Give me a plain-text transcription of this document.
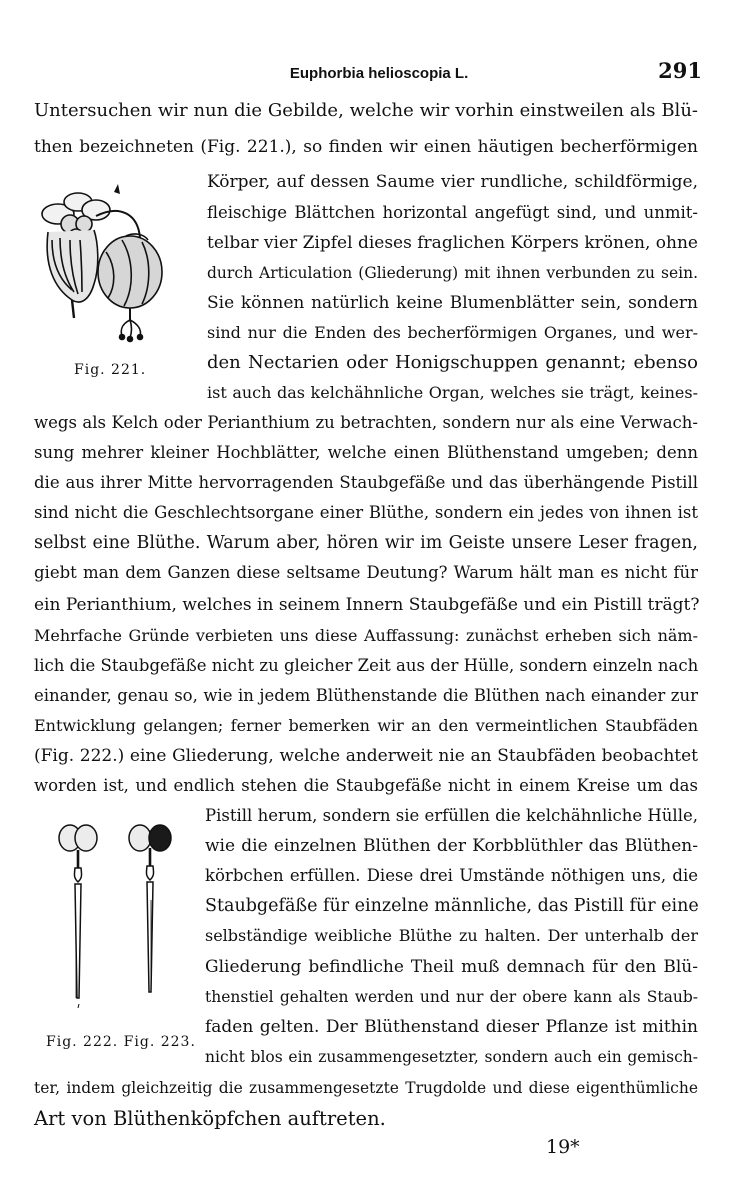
Euphorbia helioscopia L.	291
Untersuchen wir nun die Gebilde, welche wir vorhin einstweilen als Blü-
then bezeichneten (Fig. 221.), so finden wir einen häutigen becherförmigen
Körper, auf dessen Saume vier rundliche, schildförmige,
fleischige Blättchen horizontal angefügt sind, und unmit-
telbar vier Zipfel dieses fraglichen Körpers krönen, ohne
durch Articulation (Gliederung) mit ihnen verbunden zu sein.
Sie können natürlich keine Blumenblätter sein, sondern
sind nur die Enden des becherförmigen Organes, und wer-
den Nectarien oder Honigschuppen genannt; ebenso
ist auch das kelchähnliche Organ, welches sie trägt, keines-
wegs als Kelch oder Perianthium zu betrachten, sondern nur als eine Verwach-
sung mehrer kleiner Hochblätter, welche einen Blüthenstand umgeben; denn
die aus ihrer Mitte hervorragenden Staubgefäße und das überhängende Pistill
sind nicht die Geschlechtsorgane einer Blüthe, sondern ein jedes von ihnen ist
selbst eine Blüthe. Warum aber, hören wir im Geiste unsere Leser fragen,
giebt man dem Ganzen diese seltsame Deutung? Warum hält man es nicht für
ein Perianthium, welches in seinem Innern Staubgefäße und ein Pistill trägt?
Mehrfache Gründe verbieten uns diese Auffassung: zunächst erheben sich näm-
lich die Staubgefäße nicht zu gleicher Zeit aus der Hülle, sondern einzeln nach
einander, genau so, wie in jedem Blüthenstande die Blüthen nach einander zur
Entwicklung gelangen; ferner bemerken wir an den vermeintlichen Staubfäden
(Fig. 222.) eine Gliederung, welche anderweit nie an Staubfäden beobachtet
worden ist, und endlich stehen die Staubgefäße nicht in einem Kreise um das
Pistill herum, sondern sie erfüllen die kelchähnliche Hülle,
wie die einzelnen Blüthen der Korbblüthler das Blüthen-
körbchen erfüllen. Diese drei Umstände nöthigen uns, die
Staubgefäße für einzelne männliche, das Pistill für eine
selbständige weibliche Blüthe zu halten. Der unterhalb der
Gliederung befindliche Theil muß demnach für den Blü-
thenstiel gehalten werden und nur der obere kann als Staub-
faden gelten. Der Blüthenstand dieser Pflanze ist mithin
nicht blos ein zusammengesetzter, sondern auch ein gemisch-
ter, indem gleichzeitig die zusammengesetzte Trugdolde und diese eigenthümliche
Art von Blüthenköpfchen auftreten.
Fig. 221.
Fig. 222. Fig. 223.
19*
